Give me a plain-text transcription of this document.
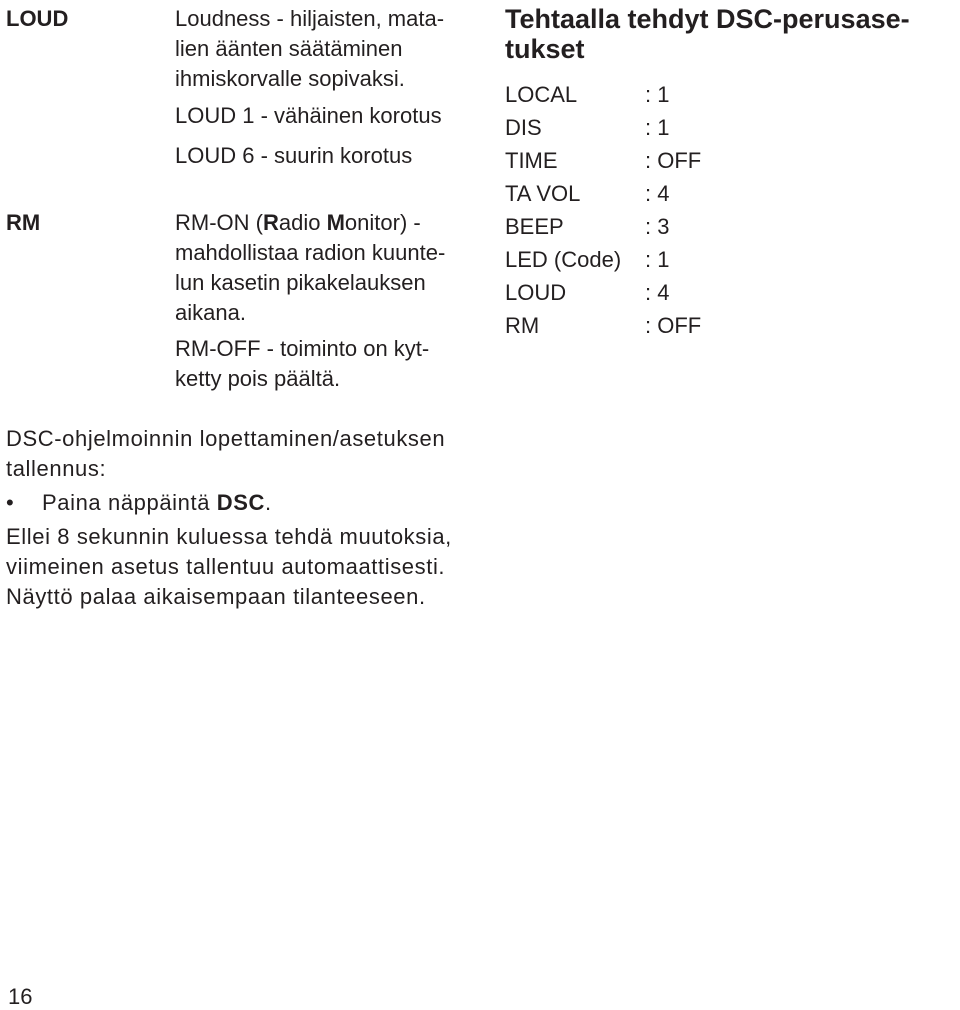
LOUD	Loudness - hiljaisten, mata-
lien äänten säätäminen
ihmiskorvalle sopivaksi.
LOUD 1 - vähäinen korotus
LOUD 6 - suurin korotus
RM	RM-ON (Radio Monitor) -
mahdollistaa radion kuunte-
lun kasetin pikakelauksen
aikana.
RM-OFF - toiminto on kyt-
ketty pois päältä.
Tehtaalla tehdyt DSC-perusase-
tukset
LOCAL	: 1
DIS	: 1
TIME	: OFF
TA VOL	: 4
BEEP	: 3
LED (Code)	: 1
LOUD	: 4
RM	: OFF
DSC-ohjelmoinnin lopettaminen/asetuksen
tallennus:
•	Paina näppäintä DSC.
Ellei 8 sekunnin kuluessa tehdä muutoksia,
viimeinen asetus tallentuu automaattisesti.
Näyttö palaa aikaisempaan tilanteeseen.
16
